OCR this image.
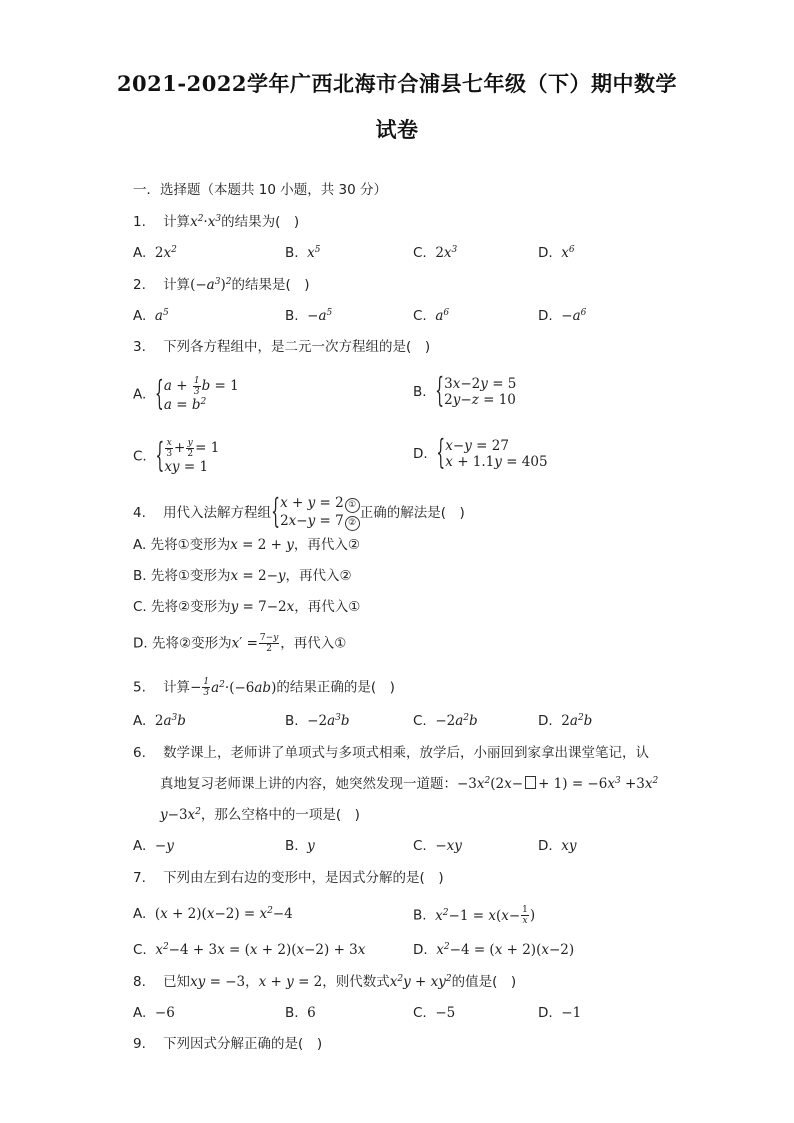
2021-2022学年广西北海市合浦县七年级（下）期中数学
试卷
一．选择题（本题共 10 小题，共 30 分）
1. 计算$x^2\cdot x^3$的结果为(　)
A. $2x^2$	B. $x^5$	C. $2x^3$	D. $x^6$
2. 计算$(-a^3)^2$的结果是(　)
A. $a^5$	B. $-a^5$	C. $a^6$	D. $-a^6$
3. 下列各方程组中，是二元一次方程组的是(　)
A. { $a + \frac{1}{3}$ b = 1
$a = b^2$
B. { 3x−2y = 5
2y−z = 10
C. { $\frac{x}{3} + \frac{y}{2} = 1$
xy = 1
D. { x−y = 27
x + 1.1y = 405
4. 用代入法解方程组 { x + y = 2 ①
2x−y = 7 ②
正确的解法是(　)
A. 先将①变形为x = 2 + y，再代入②
B. 先将①变形为x = 2−y，再代入②
C. 先将②变形为y = 7−2x，再代入①
D. 先将②变形为$x' = \frac{7-y}{2}$ ，再代入①
5. 计算− $\frac{1}{3} a^2\cdot(-6ab)$的结果正确的是(　)
A. $2a^3b$	B. $-2a^3b$	C. $-2a^2b$	D. $2a^2b$
6. 数学课上，老师讲了单项式与多项式相乘，放学后，小丽回到家拿出课堂笔记，认
真地复习老师课上讲的内容，她突然发现一道题：$-3x^2(2x- + 1) = -6x^3 +3x^2$
$y-3x^2$，那么空格中的一项是(　)
A. −y	B. y	C. −xy	D. xy
7. 下列由左到右边的变形中，是因式分解的是(　)
A. $(x + 2)(x-2) = x^2-4$	B. $x^2-1 = x(x- \frac{1}{x}$ )
C. $x^2-4 + 3x = (x + 2)(x-2) + 3x$	D. $x^2-4 = (x + 2)(x-2)$
8. 已知xy = −3，x + y = 2，则代数式$x^2y + xy^2$的值是(　)
A. −6	B. 6	C. −5	D. −1
9. 下列因式分解正确的是(　)
